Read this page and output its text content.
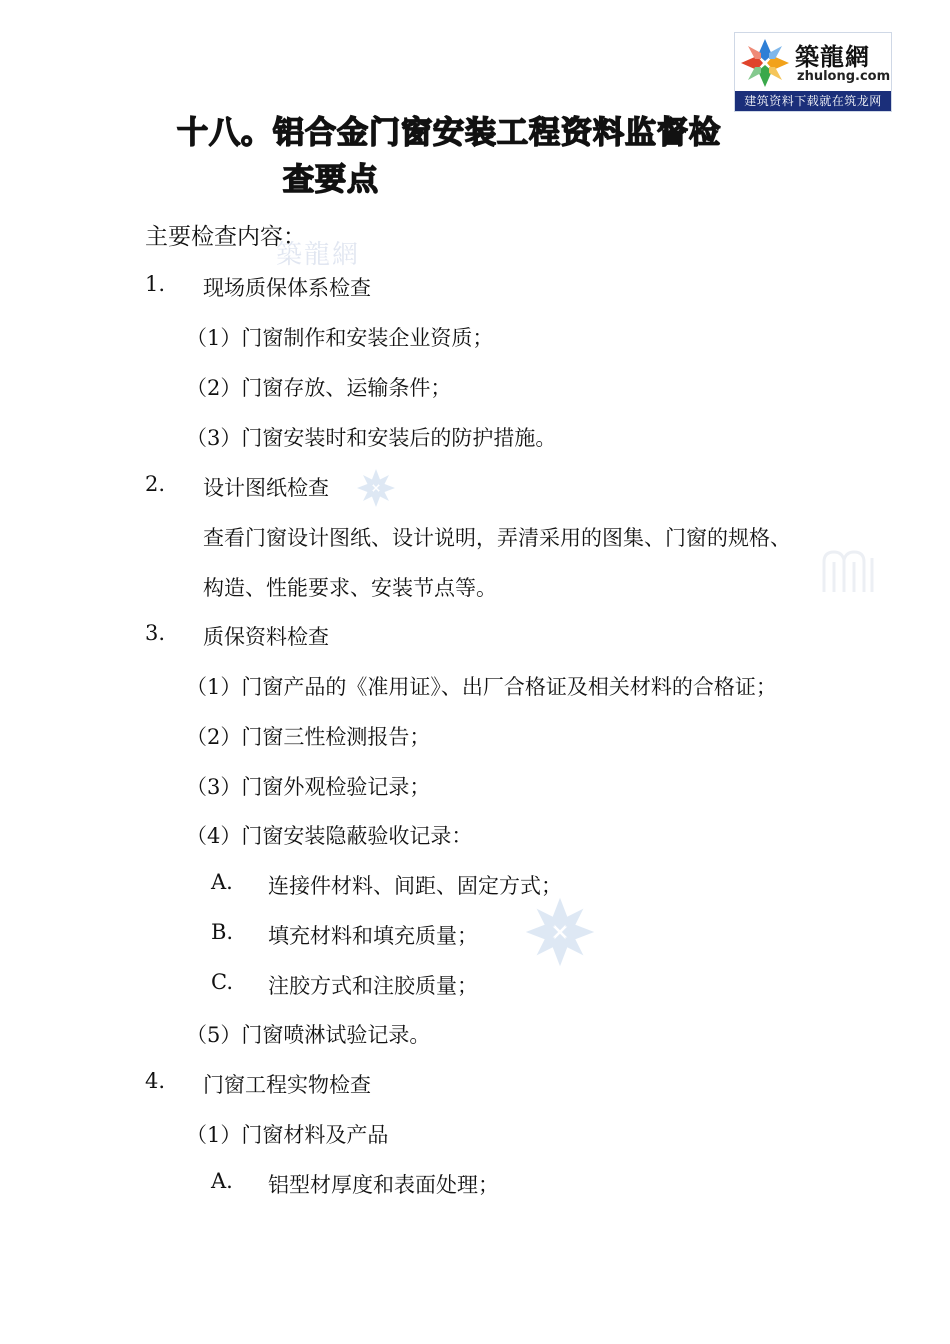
築龍網
zhulong.com
建筑资料下载就在筑龙网
築龍網
十八。铝合金门窗安装工程资料监督检
查要点
主要检查内容：
1. 现场质保体系检查
（1）门窗制作和安装企业资质；
（2）门窗存放、运输条件；
（3）门窗安装时和安装后的防护措施。
2. 设计图纸检查
查看门窗设计图纸、设计说明，弄清采用的图集、门窗的规格、
构造、性能要求、安装节点等。
3. 质保资料检查
（1）门窗产品的《准用证》、出厂合格证及相关材料的合格证；
（2）门窗三性检测报告；
（3）门窗外观检验记录；
（4）门窗安装隐蔽验收记录：
A. 连接件材料、间距、固定方式；
B. 填充材料和填充质量；
C. 注胶方式和注胶质量；
（5）门窗喷淋试验记录。
4. 门窗工程实物检查
（1）门窗材料及产品
A. 铝型材厚度和表面处理；
